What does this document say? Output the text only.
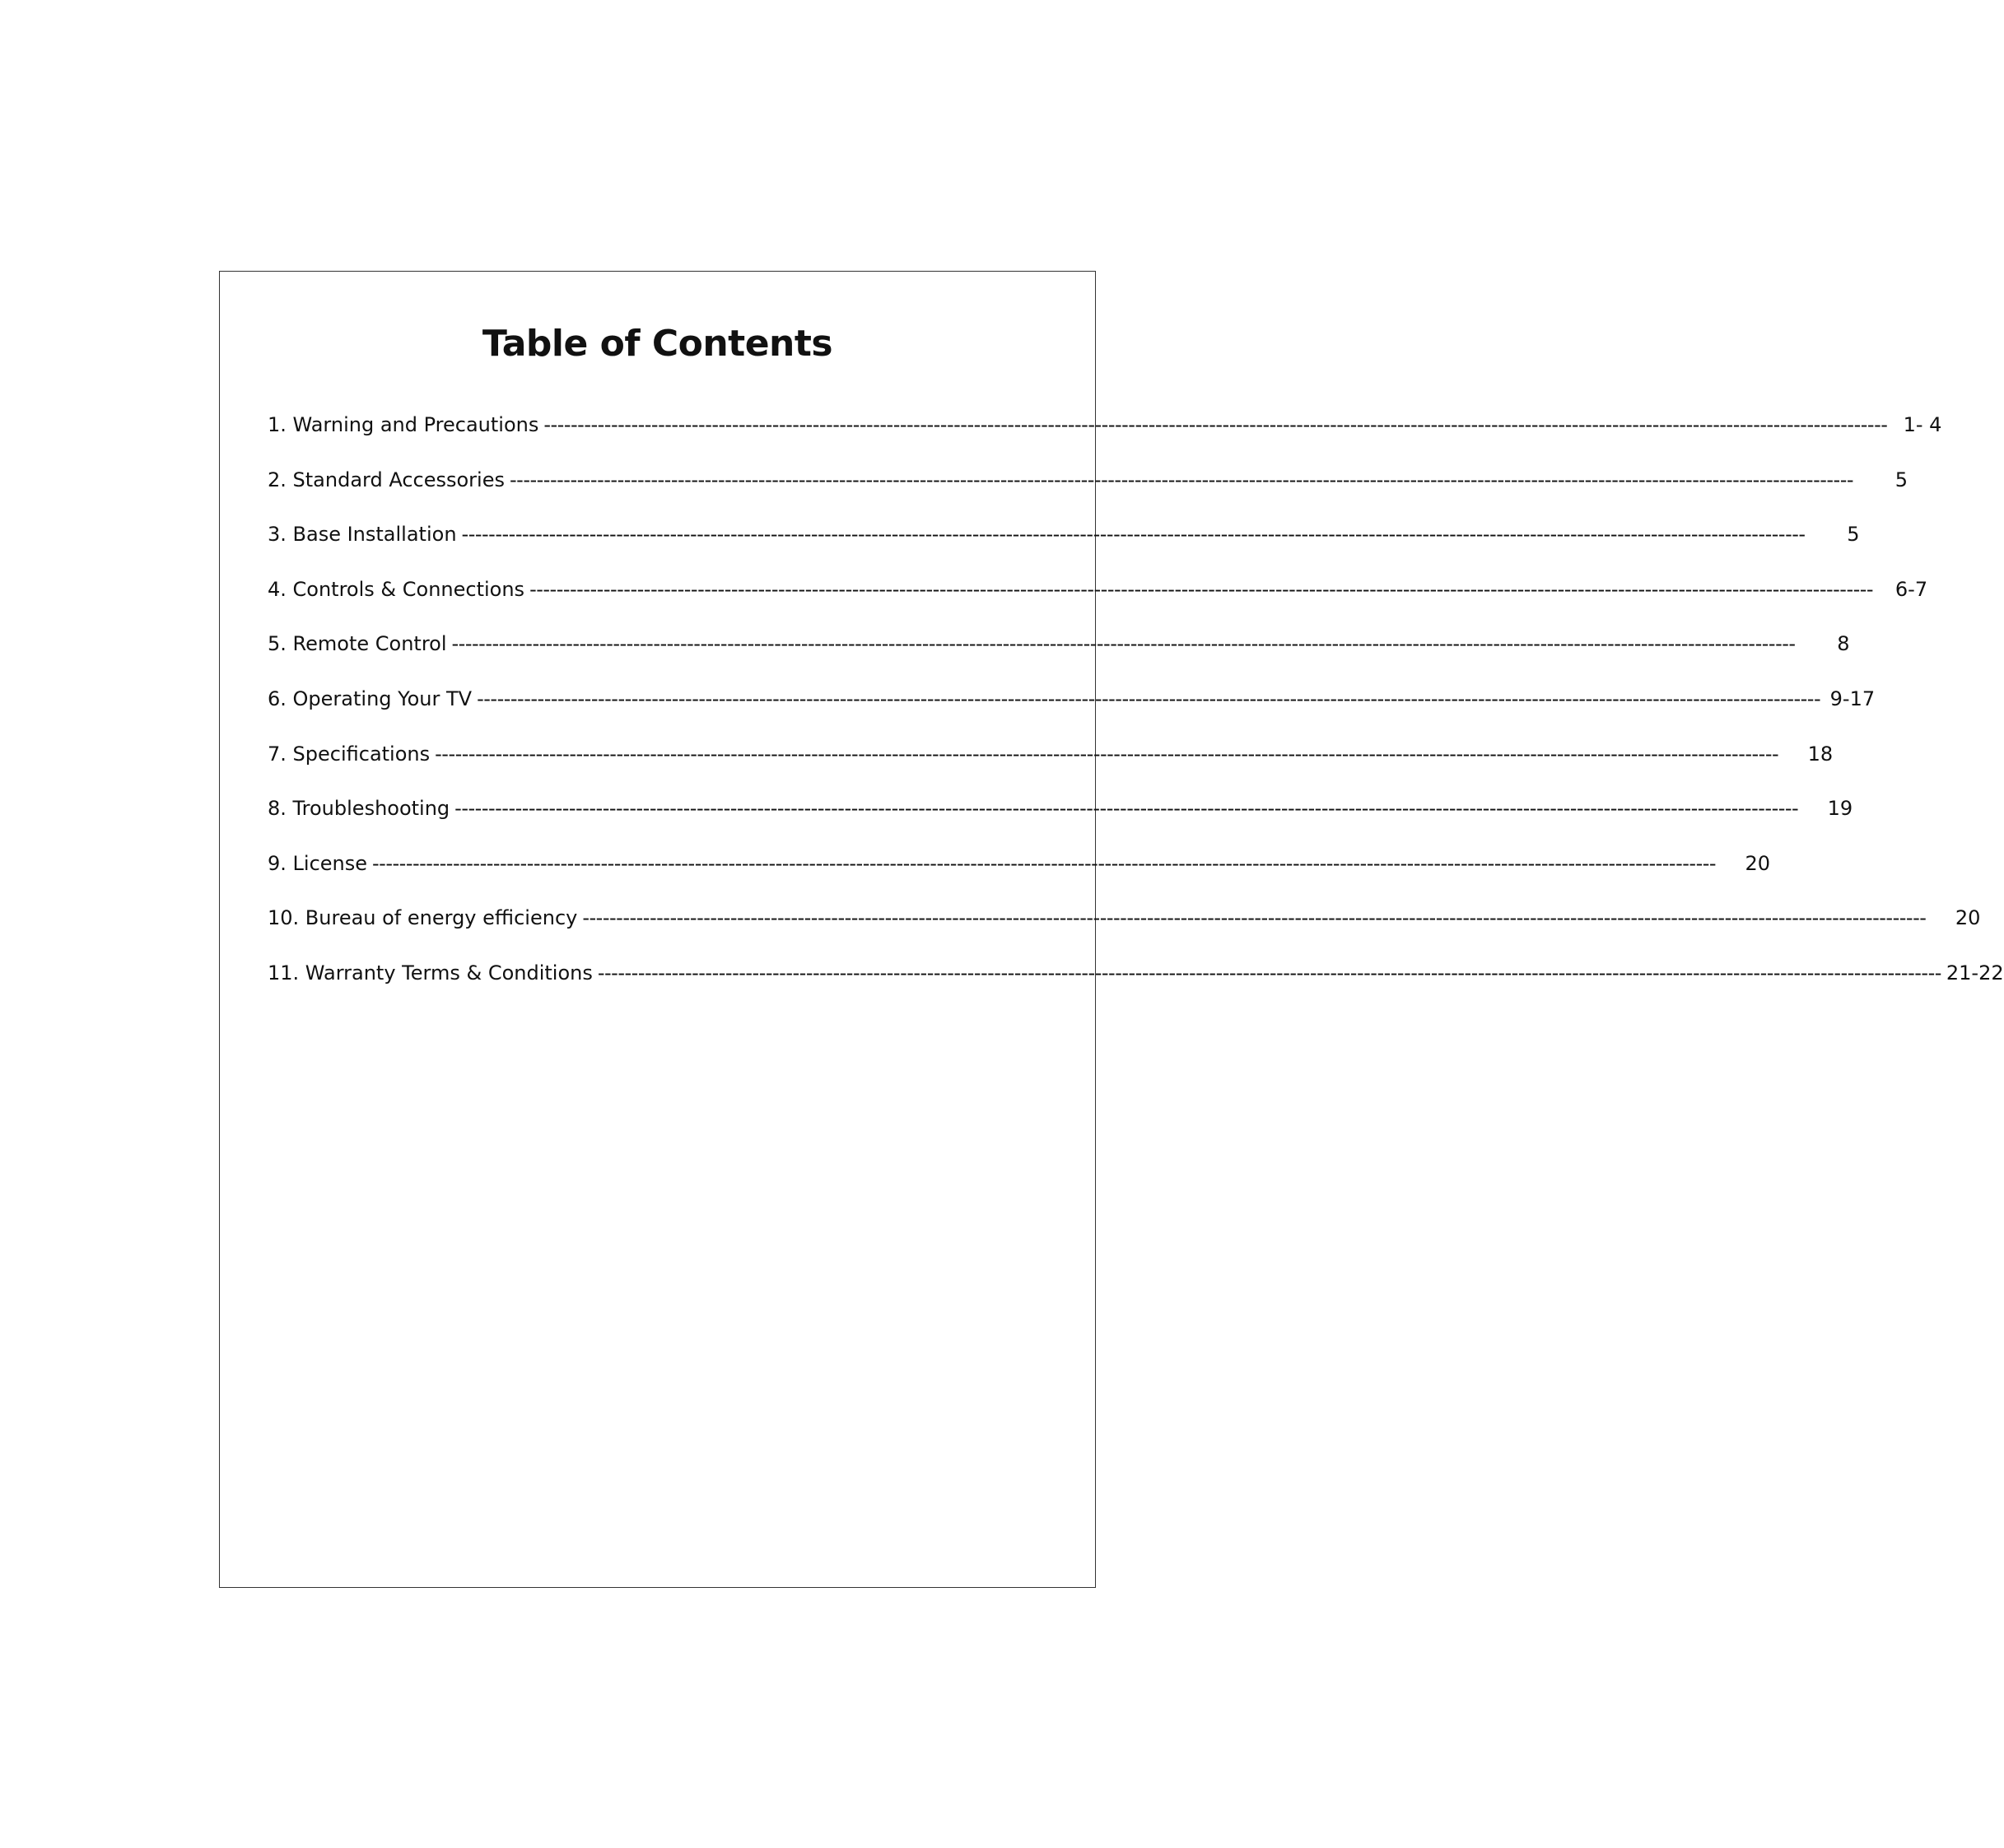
Table of Contents
1. Warning and Precautions -------------------------------------------------------------------------------------------------------------------------------------------------------------------------------------------------------- 1- 4
2. Standard Accessories --------------------------------------------------------------------------------------------------------------------------------------------------------------------------------------------------------	5
3. Base Installation --------------------------------------------------------------------------------------------------------------------------------------------------------------------------------------------------------	5
4. Controls & Connections --------------------------------------------------------------------------------------------------------------------------------------------------------------------------------------------------------	6-7
5. Remote Control --------------------------------------------------------------------------------------------------------------------------------------------------------------------------------------------------------	8
6. Operating Your TV -------------------------------------------------------------------------------------------------------------------------------------------------------------------------------------------------------- 9-17
7. Specifications --------------------------------------------------------------------------------------------------------------------------------------------------------------------------------------------------------	18
8. Troubleshooting --------------------------------------------------------------------------------------------------------------------------------------------------------------------------------------------------------	19
9. License --------------------------------------------------------------------------------------------------------------------------------------------------------------------------------------------------------	20
10. Bureau of energy efficiency --------------------------------------------------------------------------------------------------------------------------------------------------------------------------------------------------------	20
11. Warranty Terms & Conditions -------------------------------------------------------------------------------------------------------------------------------------------------------------------------------------------------------- 21-22
